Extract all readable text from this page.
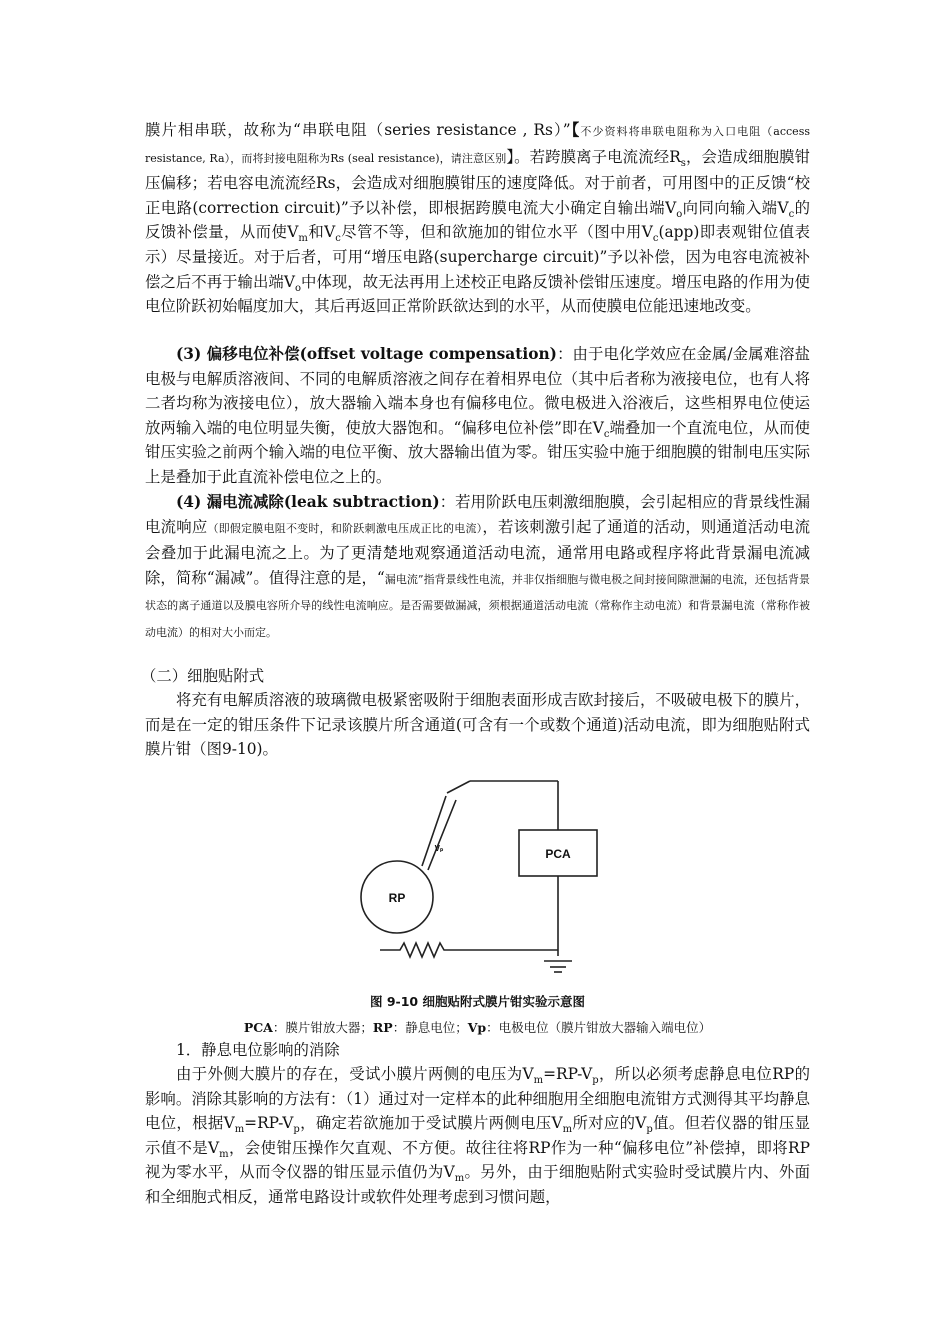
膜片相串联，故称为“串联电阻（series resistance , Rs）”【不少资料将串联电阻称为入口电阻（access resistance, Ra），而将封接电阻称为Rs (seal resistance)，请注意区别】。若跨膜离子电流流经$R_s$，会造成细胞膜钳压偏移；若电容电流流经Rs，会造成对细胞膜钳压的速度降低。对于前者，可用图中的正反馈“校正电路(correction circuit)”予以补偿，即根据跨膜电流大小确定自输出端$V_o$向同向输入端$V_c$的反馈补偿量，从而使$V_m$和$V_c$尽管不等，但和欲施加的钳位水平（图中用$V_c(app)$即表观钳位值表示）尽量接近。对于后者，可用“增压电路(supercharge circuit)”予以补偿，因为电容电流被补偿之后不再于输出端$V_o$中体现，故无法再用上述校正电路反馈补偿钳压速度。增压电路的作用为使电位阶跃初始幅度加大，其后再返回正常阶跃欲达到的水平，从而使膜电位能迅速地改变。
(3) 偏移电位补偿(offset voltage compensation)：由于电化学效应在金属/金属难溶盐电极与电解质溶液间、不同的电解质溶液之间存在着相界电位（其中后者称为液接电位，也有人将二者均称为液接电位），放大器输入端本身也有偏移电位。微电极进入浴液后，这些相界电位使运放两输入端的电位明显失衡，使放大器饱和。“偏移电位补偿”即在$V_c$端叠加一个直流电位，从而使钳压实验之前两个输入端的电位平衡、放大器输出值为零。钳压实验中施于细胞膜的钳制电压实际上是叠加于此直流补偿电位之上的。
(4) 漏电流减除(leak subtraction)：若用阶跃电压刺激细胞膜，会引起相应的背景线性漏电流响应（即假定膜电阻不变时，和阶跃刺激电压成正比的电流），若该刺激引起了通道的活动，则通道活动电流会叠加于此漏电流之上。为了更清楚地观察通道活动电流，通常用电路或程序将此背景漏电流减除，简称“漏减”。值得注意的是，“漏电流”指背景线性电流，并非仅指细胞与微电极之间封接间隙泄漏的电流，还包括背景状态的离子通道以及膜电容所介导的线性电流响应。是否需要做漏减，须根据通道活动电流（常称作主动电流）和背景漏电流（常称作被动电流）的相对大小而定。
（二）细胞贴附式
将充有电解质溶液的玻璃微电极紧密吸附于细胞表面形成吉欧封接后，不吸破电极下的膜片，而是在一定的钳压条件下记录该膜片所含通道(可含有一个或数个通道)活动电流，即为细胞贴附式膜片钳（图9-10)。
PCA
RP
Vₚ
图 9-10 细胞贴附式膜片钳实验示意图
PCA：膜片钳放大器；RP：静息电位；Vp：电极电位（膜片钳放大器输入端电位）
1．静息电位影响的消除
由于外侧大膜片的存在，受试小膜片两侧的电压为$V_m=RP-V_p$，所以必须考虑静息电位RP的影响。消除其影响的方法有：（1）通过对一定样本的此种细胞用全细胞电流钳方式测得其平均静息电位，根据$V_m=RP-V_p$，确定若欲施加于受试膜片两侧电压$V_m$所对应的$V_p$值。但若仪器的钳压显示值不是$V_m$，会使钳压操作欠直观、不方便。故往往将RP作为一种“偏移电位”补偿掉，即将RP视为零水平，从而令仪器的钳压显示值仍为$V_m$。另外，由于细胞贴附式实验时受试膜片内、外面和全细胞式相反，通常电路设计或软件处理考虑到习惯问题，
